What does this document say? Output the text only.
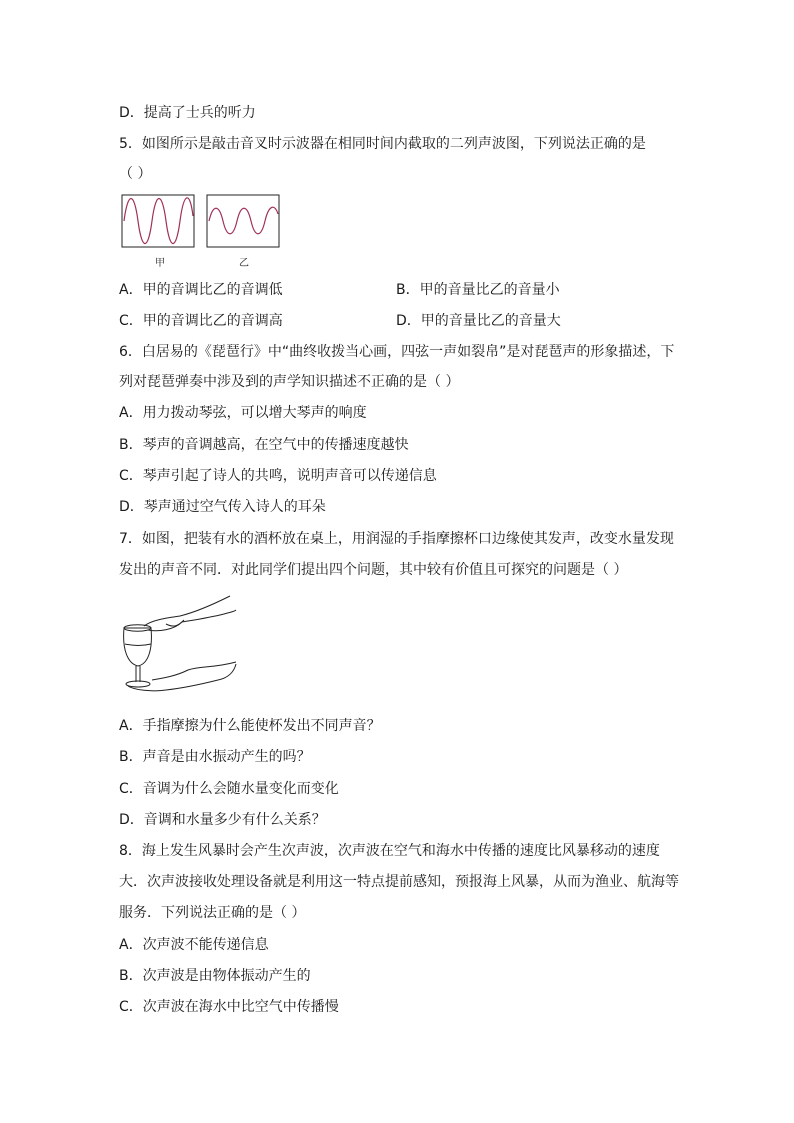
D．提高了士兵的听力
5．如图所示是敲击音叉时示波器在相同时间内截取的二列声波图，下列说法正确的是
（ ）
甲	乙
A．甲的音调比乙的音调低	B．甲的音量比乙的音量小
C．甲的音调比乙的音调高	D．甲的音量比乙的音量大
6．白居易的《琵琶行》中“曲终收拨当心画，四弦一声如裂帛”是对琵琶声的形象描述，下
列对琵琶弹奏中涉及到的声学知识描述不正确的是（ ）
A．用力拨动琴弦，可以增大琴声的响度
B．琴声的音调越高，在空气中的传播速度越快
C．琴声引起了诗人的共鸣，说明声音可以传递信息
D．琴声通过空气传入诗人的耳朵
7．如图，把装有水的酒杯放在桌上，用润湿的手指摩擦杯口边缘使其发声，改变水量发现
发出的声音不同．对此同学们提出四个问题，其中较有价值且可探究的问题是（ ）
A．手指摩擦为什么能使杯发出不同声音？
B．声音是由水振动产生的吗？
C．音调为什么会随水量变化而变化
D．音调和水量多少有什么关系？
8．海上发生风暴时会产生次声波，次声波在空气和海水中传播的速度比风暴移动的速度
大．次声波接收处理设备就是利用这一特点提前感知，预报海上风暴，从而为渔业、航海等
服务．下列说法正确的是（ ）
A．次声波不能传递信息
B．次声波是由物体振动产生的
C．次声波在海水中比空气中传播慢
